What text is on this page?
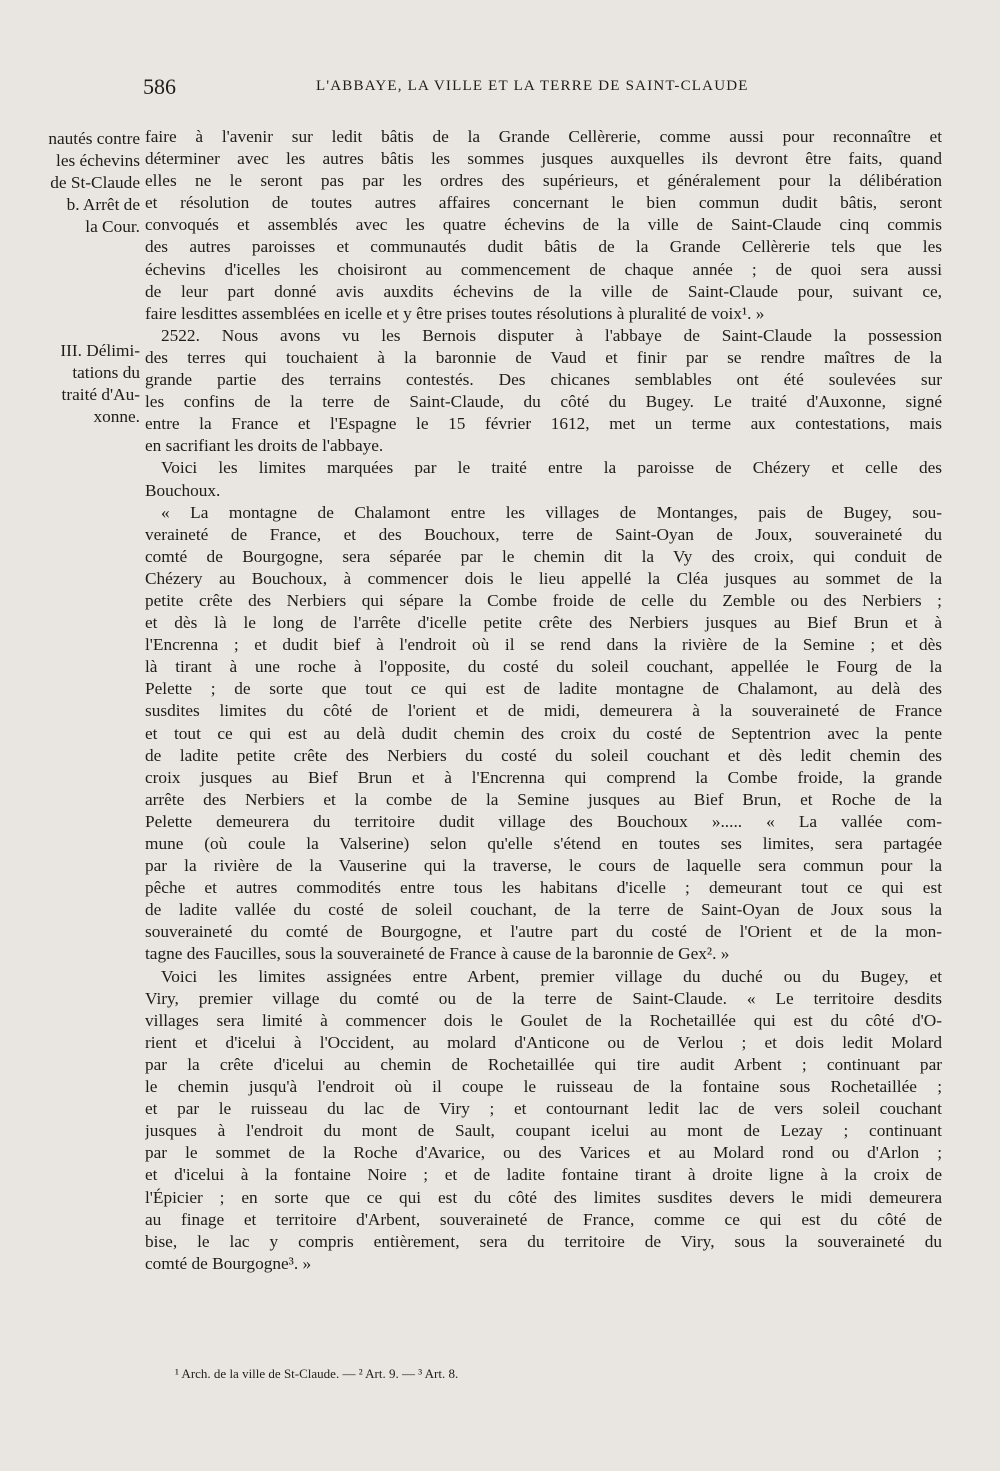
586	L'ABBAYE, LA VILLE ET LA TERRE DE SAINT-CLAUDE
nautés contre
les échevins
de St-Claude
b. Arrêt de
la Cour.
III. Délimi-
tations du
traité d'Au-
xonne.
faire à l'avenir sur ledit bâtis de la Grande Cellèrerie, comme aussi pour reconnaître et
déterminer avec les autres bâtis les sommes jusques auxquelles ils devront être faits, quand
elles ne le seront pas par les ordres des supérieurs, et généralement pour la délibération
et résolution de toutes autres affaires concernant le bien commun dudit bâtis, seront
convoqués et assemblés avec les quatre échevins de la ville de Saint-Claude cinq commis
des autres paroisses et communautés dudit bâtis de la Grande Cellèrerie tels que les
échevins d'icelles les choisiront au commencement de chaque année ; de quoi sera aussi
de leur part donné avis auxdits échevins de la ville de Saint-Claude pour, suivant ce,
faire lesdittes assemblées en icelle et y être prises toutes résolutions à pluralité de voix¹. »
2522. Nous avons vu les Bernois disputer à l'abbaye de Saint-Claude la possession
des terres qui touchaient à la baronnie de Vaud et finir par se rendre maîtres de la
grande partie des terrains contestés. Des chicanes semblables ont été soulevées sur
les confins de la terre de Saint-Claude, du côté du Bugey. Le traité d'Auxonne, signé
entre la France et l'Espagne le 15 février 1612, met un terme aux contestations, mais
en sacrifiant les droits de l'abbaye.
Voici les limites marquées par le traité entre la paroisse de Chézery et celle des
Bouchoux.
« La montagne de Chalamont entre les villages de Montanges, pais de Bugey, sou-
veraineté de France, et des Bouchoux, terre de Saint-Oyan de Joux, souveraineté du
comté de Bourgogne, sera séparée par le chemin dit la Vy des croix, qui conduit de
Chézery au Bouchoux, à commencer dois le lieu appellé la Cléa jusques au sommet de la
petite crête des Nerbiers qui sépare la Combe froide de celle du Zemble ou des Nerbiers ;
et dès là le long de l'arrête d'icelle petite crête des Nerbiers jusques au Bief Brun et à
l'Encrenna ; et dudit bief à l'endroit où il se rend dans la rivière de la Semine ; et dès
là tirant à une roche à l'opposite, du costé du soleil couchant, appellée le Fourg de la
Pelette ; de sorte que tout ce qui est de ladite montagne de Chalamont, au delà des
susdites limites du côté de l'orient et de midi, demeurera à la souveraineté de France
et tout ce qui est au delà dudit chemin des croix du costé de Septentrion avec la pente
de ladite petite crête des Nerbiers du costé du soleil couchant et dès ledit chemin des
croix jusques au Bief Brun et à l'Encrenna qui comprend la Combe froide, la grande
arrête des Nerbiers et la combe de la Semine jusques au Bief Brun, et Roche de la
Pelette demeurera du territoire dudit village des Bouchoux »..... « La vallée com-
mune (où coule la Valserine) selon qu'elle s'étend en toutes ses limites, sera partagée
par la rivière de la Vauserine qui la traverse, le cours de laquelle sera commun pour la
pêche et autres commodités entre tous les habitans d'icelle ; demeurant tout ce qui est
de ladite vallée du costé de soleil couchant, de la terre de Saint-Oyan de Joux sous la
souveraineté du comté de Bourgogne, et l'autre part du costé de l'Orient et de la mon-
tagne des Faucilles, sous la souveraineté de France à cause de la baronnie de Gex². »
Voici les limites assignées entre Arbent, premier village du duché ou du Bugey, et
Viry, premier village du comté ou de la terre de Saint-Claude. « Le territoire desdits
villages sera limité à commencer dois le Goulet de la Rochetaillée qui est du côté d'O-
rient et d'icelui à l'Occident, au molard d'Anticone ou de Verlou ; et dois ledit Molard
par la crête d'icelui au chemin de Rochetaillée qui tire audit Arbent ; continuant par
le chemin jusqu'à l'endroit où il coupe le ruisseau de la fontaine sous Rochetaillée ;
et par le ruisseau du lac de Viry ; et contournant ledit lac de vers soleil couchant
jusques à l'endroit du mont de Sault, coupant icelui au mont de Lezay ; continuant
par le sommet de la Roche d'Avarice, ou des Varices et au Molard rond ou d'Arlon ;
et d'icelui à la fontaine Noire ; et de ladite fontaine tirant à droite ligne à la croix de
l'Épicier ; en sorte que ce qui est du côté des limites susdites devers le midi demeurera
au finage et territoire d'Arbent, souveraineté de France, comme ce qui est du côté de
bise, le lac y compris entièrement, sera du territoire de Viry, sous la souveraineté du
comté de Bourgogne³. »
¹ Arch. de la ville de St-Claude. — ² Art. 9. — ³ Art. 8.
